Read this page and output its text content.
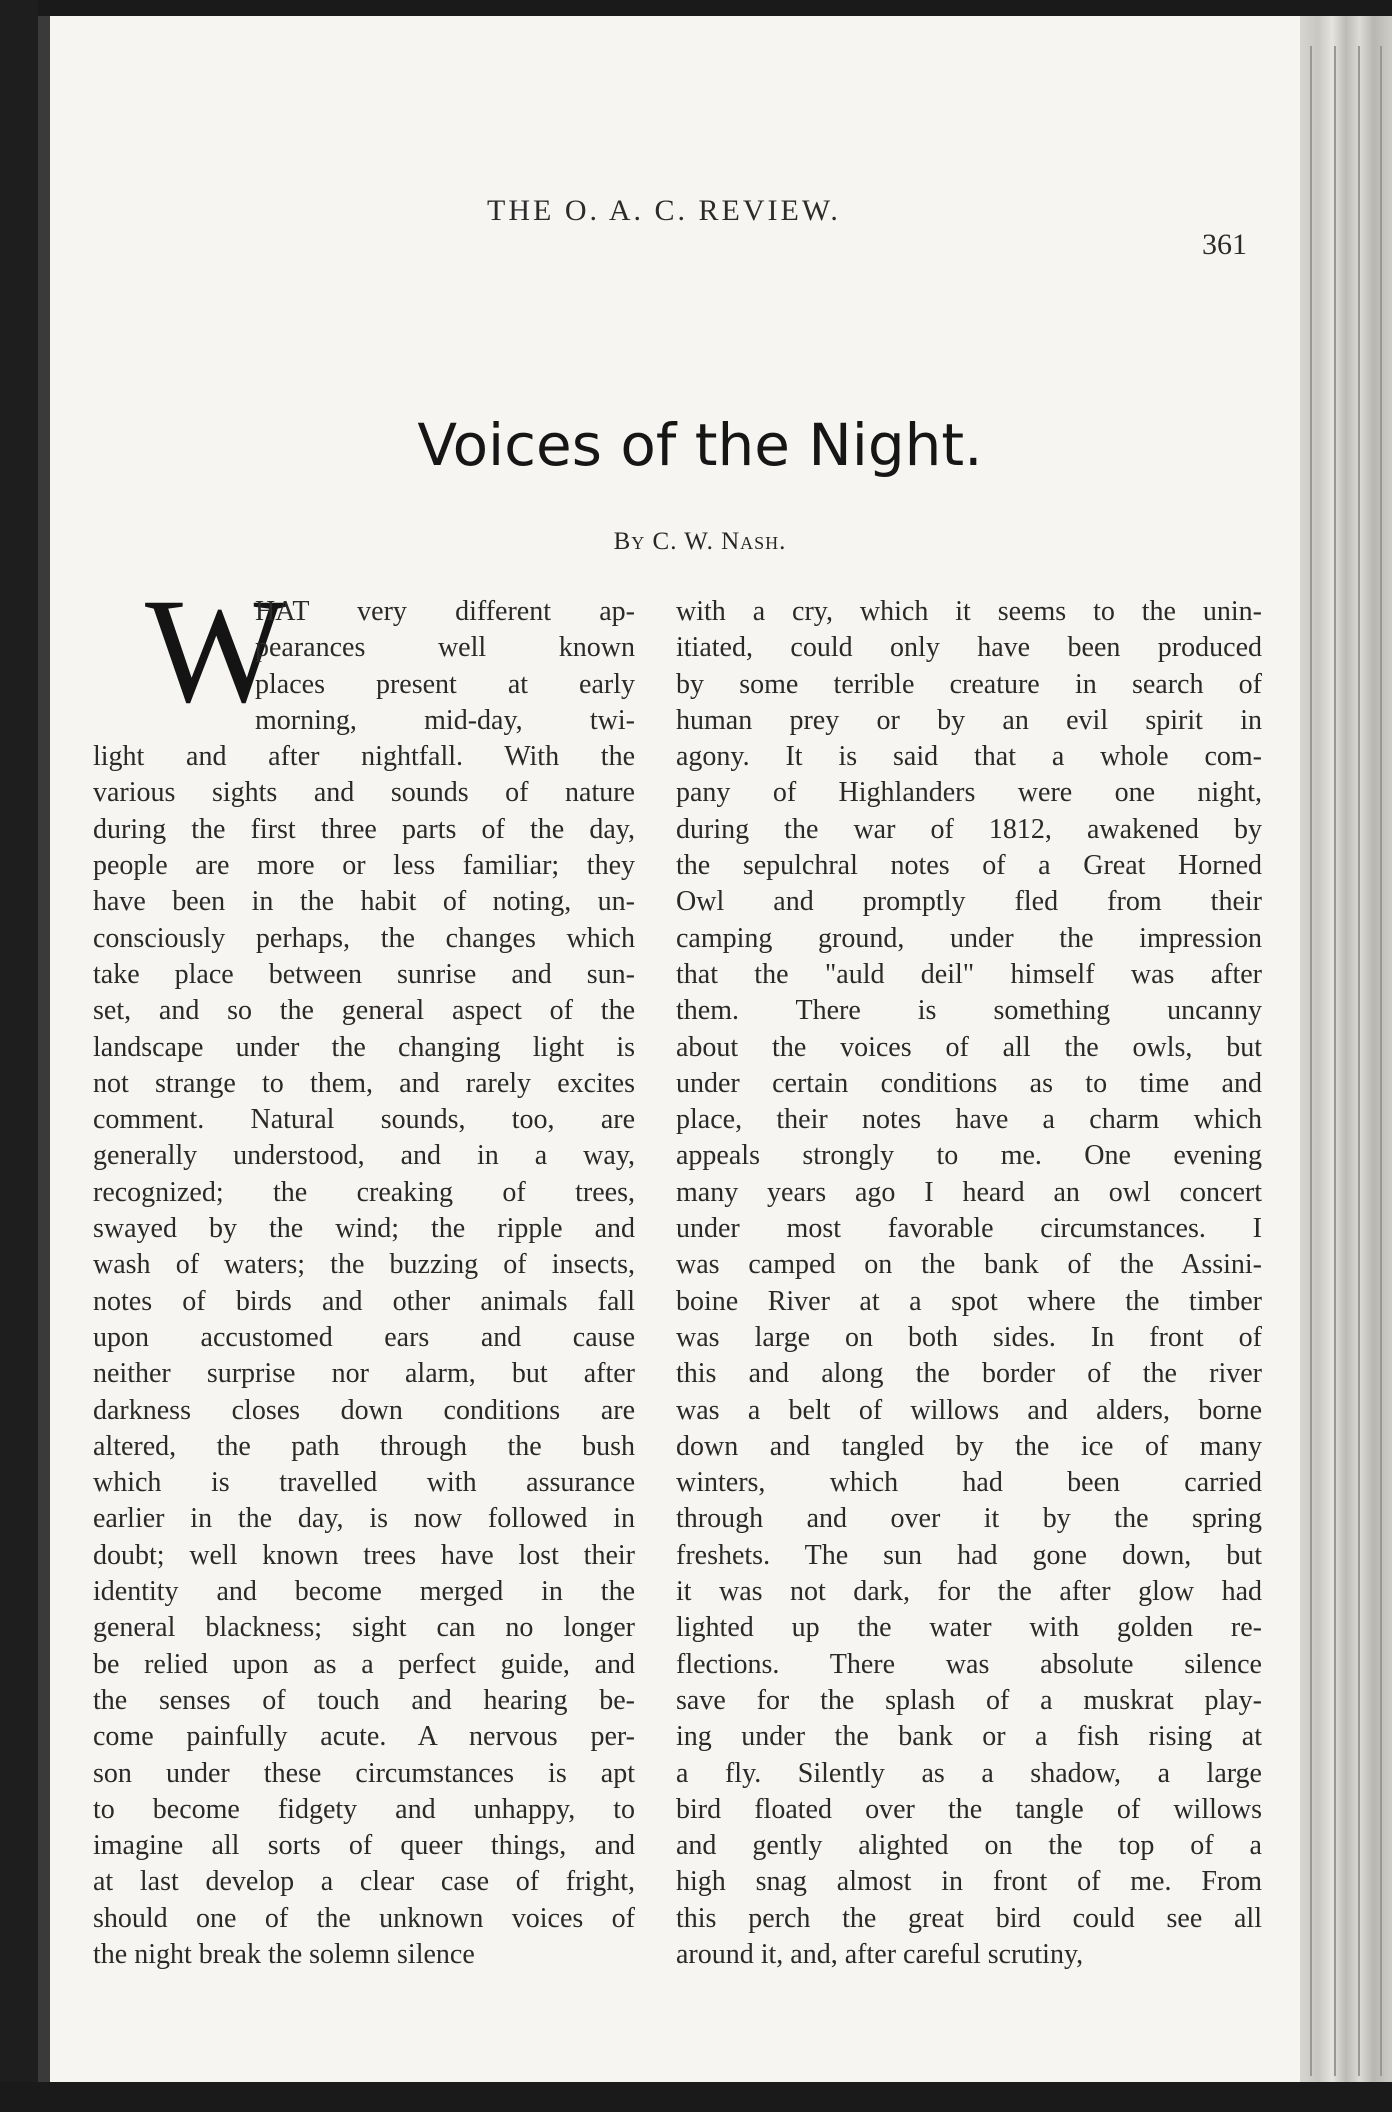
THE O. A. C. REVIEW.

361
Voices of the Night.
By C. W. Nash.
W
HAT very different ap-
pearances well known
places present at early
morning, mid-day, twi-
light and after nightfall. With the
various sights and sounds of nature
during the first three parts of the day,
people are more or less familiar; they
have been in the habit of noting, un-
consciously perhaps, the changes which
take place between sunrise and sun-
set, and so the general aspect of the
landscape under the changing light is
not strange to them, and rarely excites
comment. Natural sounds, too, are
generally understood, and in a way,
recognized; the creaking of trees,
swayed by the wind; the ripple and
wash of waters; the buzzing of insects,
notes of birds and other animals fall
upon accustomed ears and cause
neither surprise nor alarm, but after
darkness closes down conditions are
altered, the path through the bush
which is travelled with assurance
earlier in the day, is now followed in
doubt; well known trees have lost their
identity and become merged in the
general blackness; sight can no longer
be relied upon as a perfect guide, and
the senses of touch and hearing be-
come painfully acute. A nervous per-
son under these circumstances is apt
to become fidgety and unhappy, to
imagine all sorts of queer things, and
at last develop a clear case of fright,
should one of the unknown voices of
the night break the solemn silence
with a cry, which it seems to the unin-
itiated, could only have been produced
by some terrible creature in search of
human prey or by an evil spirit in
agony. It is said that a whole com-
pany of Highlanders were one night,
during the war of 1812, awakened by
the sepulchral notes of a Great Horned
Owl and promptly fled from their
camping ground, under the impression
that the "auld deil" himself was after
them. There is something uncanny
about the voices of all the owls, but
under certain conditions as to time and
place, their notes have a charm which
appeals strongly to me. One evening
many years ago I heard an owl concert
under most favorable circumstances. I
was camped on the bank of the Assini-
boine River at a spot where the timber
was large on both sides. In front of
this and along the border of the river
was a belt of willows and alders, borne
down and tangled by the ice of many
winters, which had been carried
through and over it by the spring
freshets. The sun had gone down, but
it was not dark, for the after glow had
lighted up the water with golden re-
flections. There was absolute silence
save for the splash of a muskrat play-
ing under the bank or a fish rising at
a fly. Silently as a shadow, a large
bird floated over the tangle of willows
and gently alighted on the top of a
high snag almost in front of me. From
this perch the great bird could see all
around it, and, after careful scrutiny,
